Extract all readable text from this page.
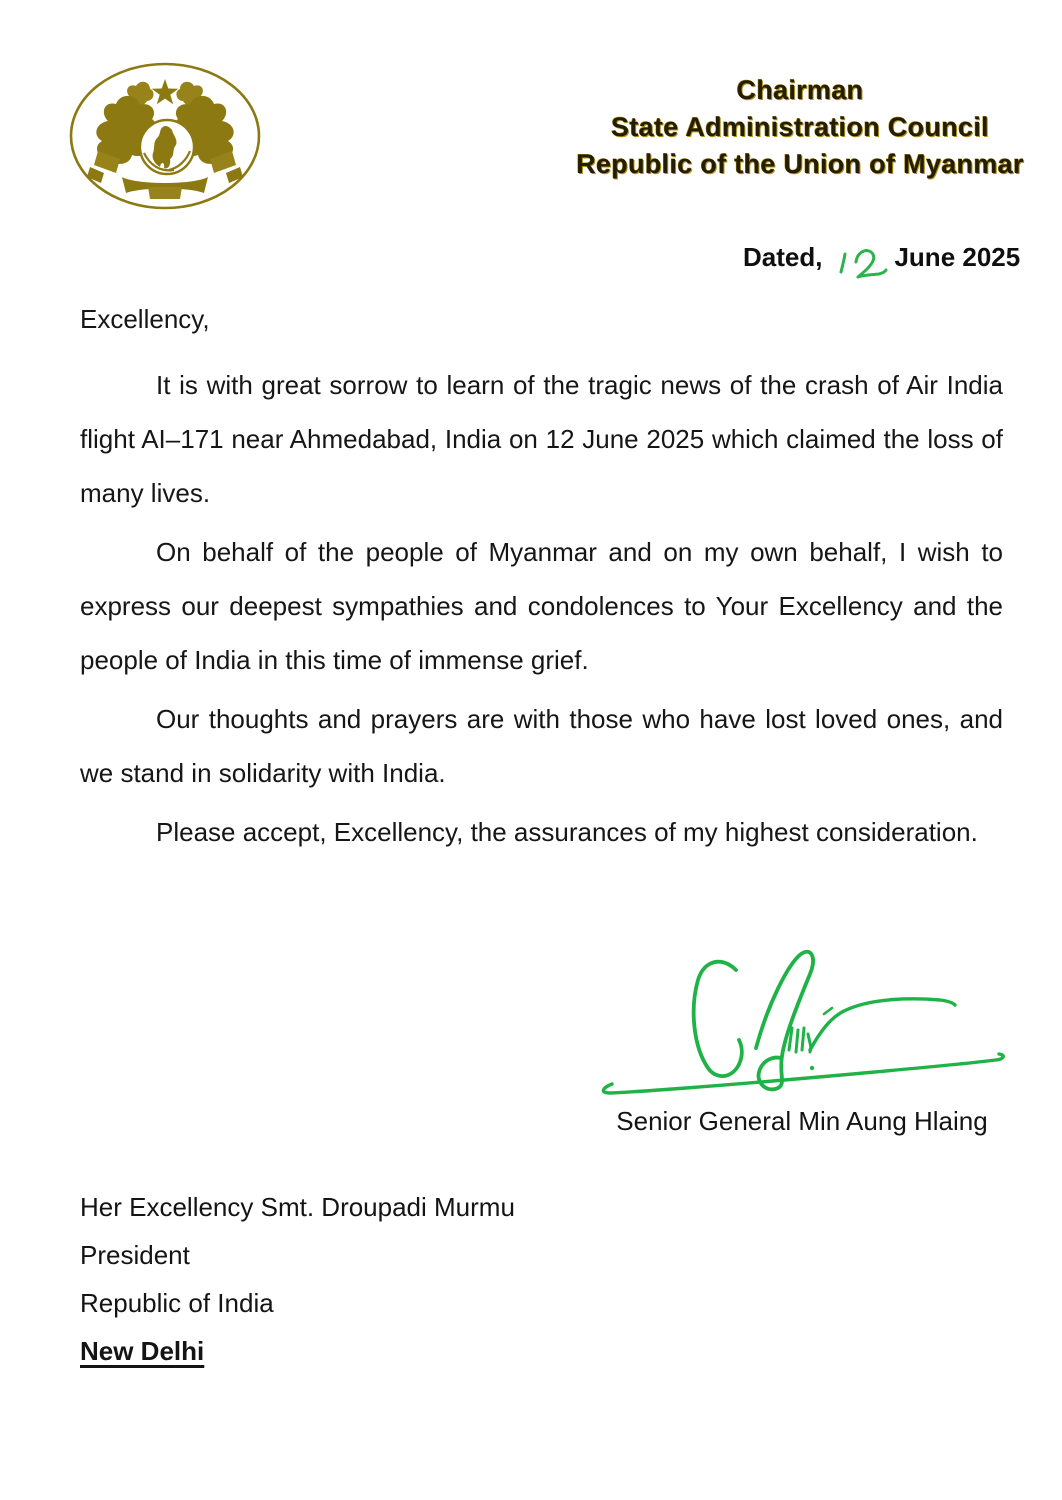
Chairman
State Administration Council
Republic of the Union of Myanmar
Dated,	June 2025
Excellency,

It is with great sorrow to learn of the tragic news of the crash of Air India flight AI–171 near Ahmedabad, India on 12 June 2025 which claimed the loss of many lives.

On behalf of the people of Myanmar and on my own behalf, I wish to express our deepest sympathies and condolences to Your Excellency and the people of India in this time of immense grief.

Our thoughts and prayers are with those who have lost loved ones, and we stand in solidarity with India.

Please accept, Excellency, the assurances of my highest consideration.

Senior General Min Aung Hlaing
Her Excellency Smt. Droupadi Murmu
President
Republic of India
New Delhi
